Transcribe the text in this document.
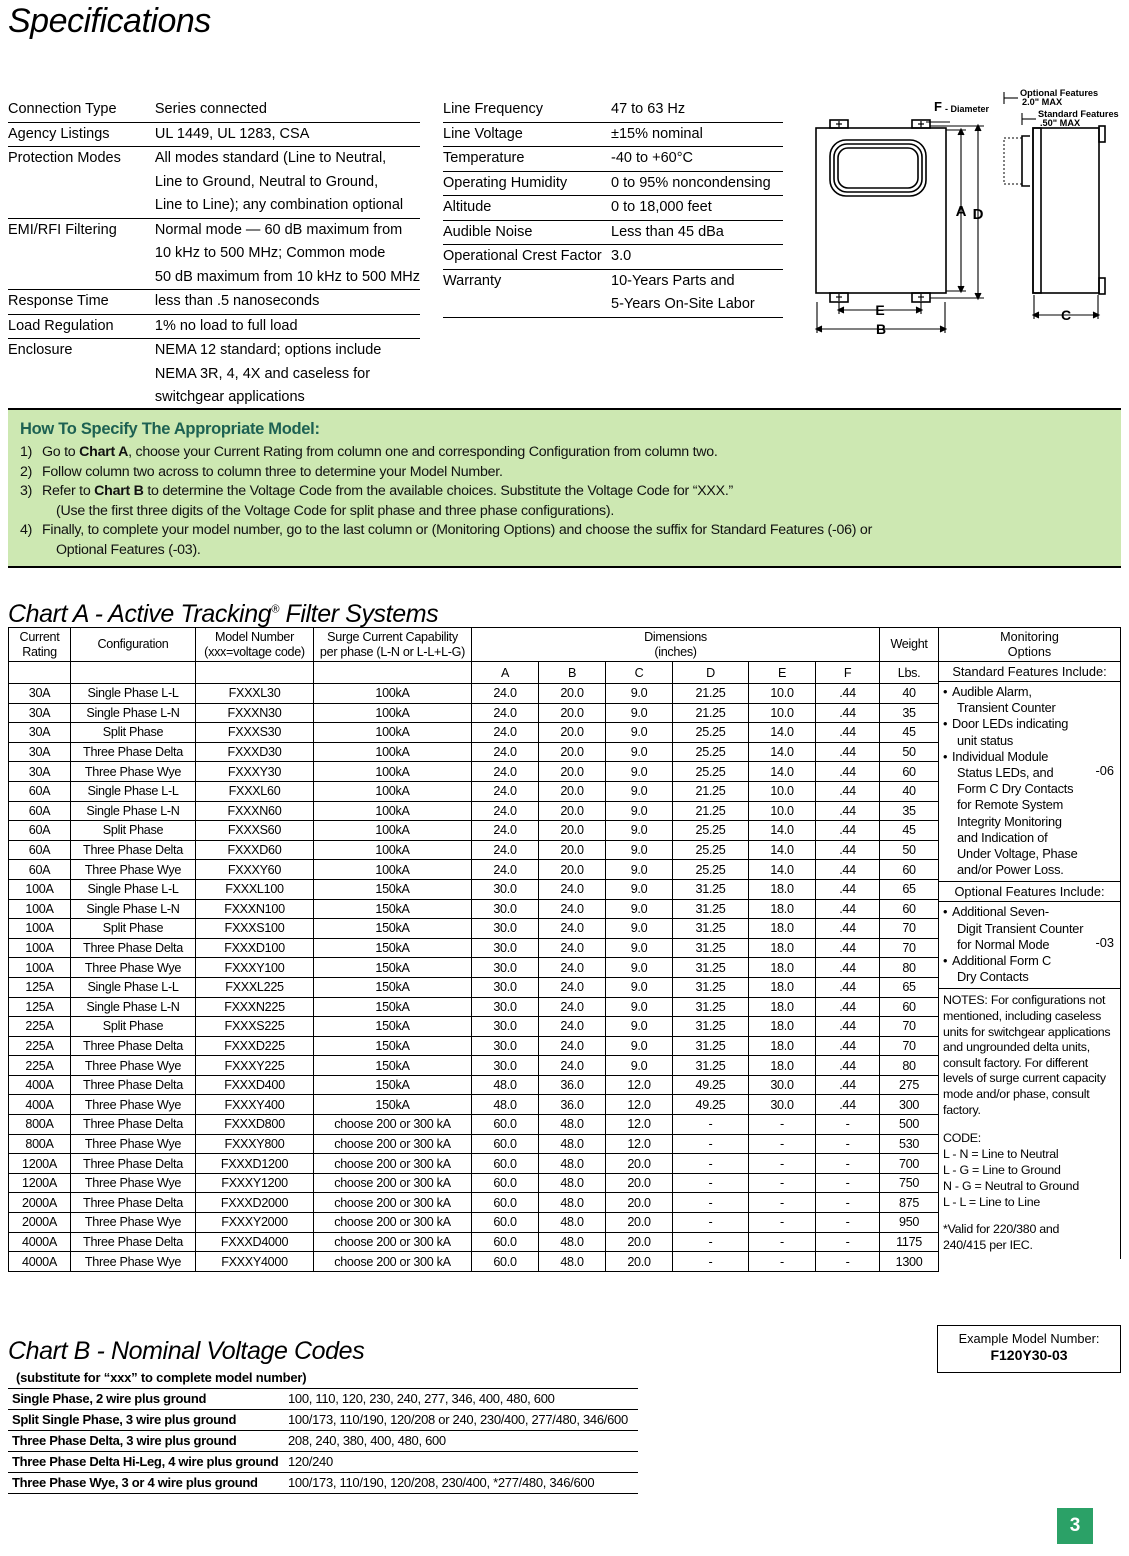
Specifications
Connection Type	Series connected
Agency Listings	UL 1449, UL 1283, CSA
Protection Modes	All modes standard (Line to Neutral,
	Line to Ground, Neutral to Ground,
	Line to Line); any combination optional
EMI/RFI Filtering	Normal mode — 60 dB maximum from
	10 kHz to 500 MHz; Common mode
	50 dB maximum from 10 kHz to 500 MHz
Response Time	less than .5 nanoseconds
Load Regulation	1% no load to full load
Enclosure	NEMA 12 standard; options include
	NEMA 3R, 4, 4X and caseless for
	switchgear applications
Line Frequency	47 to 63 Hz
Line Voltage	±15% nominal
Temperature	-40 to +60°C
Operating Humidity	0 to 95% noncondensing
Altitude	0 to 18,000 feet
Audible Noise	Less than 45 dBa
Operational Crest Factor	3.0
Warranty	10-Years Parts and
	5-Years On-Site Labor
A D
E
B
C
F - Diameter
Optional Features
2.0" MAX
Standard Features
.50" MAX
How To Specify The Appropriate Model:
1) Go to Chart A, choose your Current Rating from column one and corresponding Configuration from column two.
2) Follow column two across to column three to determine your Model Number.
3) Refer to Chart B to determine the Voltage Code from the available choices. Substitute the Voltage Code for “XXX.”
(Use the first three digits of the Voltage Code for split phase and three phase configurations).
4) Finally, to complete your model number, go to the last column or (Monitoring Options) and choose the suffix for Standard Features (-06) or
Optional Features (-03).
Chart A - Active Tracking® Filter Systems
Current
Rating

Configuration

Model Number
(xxx=voltage code)

Surge Current Capability
per phase (L-N or L-L+L-G)

Dimensions
(inches)

Weight

				A	B	C	D	E	F	Lbs.
30A	Single Phase L-L	FXXXL30	100kA	24.0	20.0	9.0	21.25	10.0	.44	40
30A	Single Phase L-N	FXXXN30	100kA	24.0	20.0	9.0	21.25	10.0	.44	35
30A	Split Phase	FXXXS30	100kA	24.0	20.0	9.0	25.25	14.0	.44	45
30A	Three Phase Delta	FXXXD30	100kA	24.0	20.0	9.0	25.25	14.0	.44	50
30A	Three Phase Wye	FXXXY30	100kA	24.0	20.0	9.0	25.25	14.0	.44	60
60A	Single Phase L-L	FXXXL60	100kA	24.0	20.0	9.0	21.25	10.0	.44	40
60A	Single Phase L-N	FXXXN60	100kA	24.0	20.0	9.0	21.25	10.0	.44	35
60A	Split Phase	FXXXS60	100kA	24.0	20.0	9.0	25.25	14.0	.44	45
60A	Three Phase Delta	FXXXD60	100kA	24.0	20.0	9.0	25.25	14.0	.44	50
60A	Three Phase Wye	FXXXY60	100kA	24.0	20.0	9.0	25.25	14.0	.44	60
100A	Single Phase L-L	FXXXL100	150kA	30.0	24.0	9.0	31.25	18.0	.44	65
100A	Single Phase L-N	FXXXN100	150kA	30.0	24.0	9.0	31.25	18.0	.44	60
100A	Split Phase	FXXXS100	150kA	30.0	24.0	9.0	31.25	18.0	.44	70
100A	Three Phase Delta	FXXXD100	150kA	30.0	24.0	9.0	31.25	18.0	.44	70
100A	Three Phase Wye	FXXXY100	150kA	30.0	24.0	9.0	31.25	18.0	.44	80
125A	Single Phase L-L	FXXXL225	150kA	30.0	24.0	9.0	31.25	18.0	.44	65
125A	Single Phase L-N	FXXXN225	150kA	30.0	24.0	9.0	31.25	18.0	.44	60
225A	Split Phase	FXXXS225	150kA	30.0	24.0	9.0	31.25	18.0	.44	70
225A	Three Phase Delta	FXXXD225	150kA	30.0	24.0	9.0	31.25	18.0	.44	70
225A	Three Phase Wye	FXXXY225	150kA	30.0	24.0	9.0	31.25	18.0	.44	80
400A	Three Phase Delta	FXXXD400	150kA	48.0	36.0	12.0	49.25	30.0	.44	275
400A	Three Phase Wye	FXXXY400	150kA	48.0	36.0	12.0	49.25	30.0	.44	300
800A	Three Phase Delta	FXXXD800	choose 200 or 300 kA	60.0	48.0	12.0	-	-	-	500
800A	Three Phase Wye	FXXXY800	choose 200 or 300 kA	60.0	48.0	12.0	-	-	-	530
1200A	Three Phase Delta	FXXXD1200	choose 200 or 300 kA	60.0	48.0	20.0	-	-	-	700
1200A	Three Phase Wye	FXXXY1200	choose 200 or 300 kA	60.0	48.0	20.0	-	-	-	750
2000A	Three Phase Delta	FXXXD2000	choose 200 or 300 kA	60.0	48.0	20.0	-	-	-	875
2000A	Three Phase Wye	FXXXY2000	choose 200 or 300 kA	60.0	48.0	20.0	-	-	-	950
4000A	Three Phase Delta	FXXXD4000	choose 200 or 300 kA	60.0	48.0	20.0	-	-	-	1175
4000A	Three Phase Wye	FXXXY4000	choose 200 or 300 kA	60.0	48.0	20.0	-	-	-	1300
Monitoring
Options
Standard Features Include:
-06
• Audible Alarm,
Transient Counter
• Door LEDs indicating
unit status
• Individual Module
Status LEDs, and
Form C Dry Contacts
for Remote System
Integrity Monitoring
and Indication of
Under Voltage, Phase
and/or Power Loss.
Optional Features Include:
-03
• Additional Seven-
Digit Transient Counter
for Normal Mode
• Additional Form C
Dry Contacts

NOTES: For configurations not mentioned, including caseless units for switchgear applications and ungrounded delta units, consult factory. For different levels of surge current capacity mode and/or phase, consult factory.

CODE:
L - N = Line to Neutral
L - G = Line to Ground
N - G = Neutral to Ground
L - L = Line to Line
*Valid for 220/380 and
240/415 per IEC.
Chart B - Nominal Voltage Codes
(substitute for “xxx” to complete model number)
Single Phase, 2 wire plus ground	100, 110, 120, 230, 240, 277, 346, 400, 480, 600
Split Single Phase, 3 wire plus ground	100/173, 110/190, 120/208 or 240, 230/400, 277/480, 346/600
Three Phase Delta, 3 wire plus ground	208, 240, 380, 400, 480, 600
Three Phase Delta Hi-Leg, 4 wire plus ground	120/240
Three Phase Wye, 3 or 4 wire plus ground	100/173, 110/190, 120/208, 230/400, *277/480, 346/600
Example Model Number:
F120Y30-03
3
